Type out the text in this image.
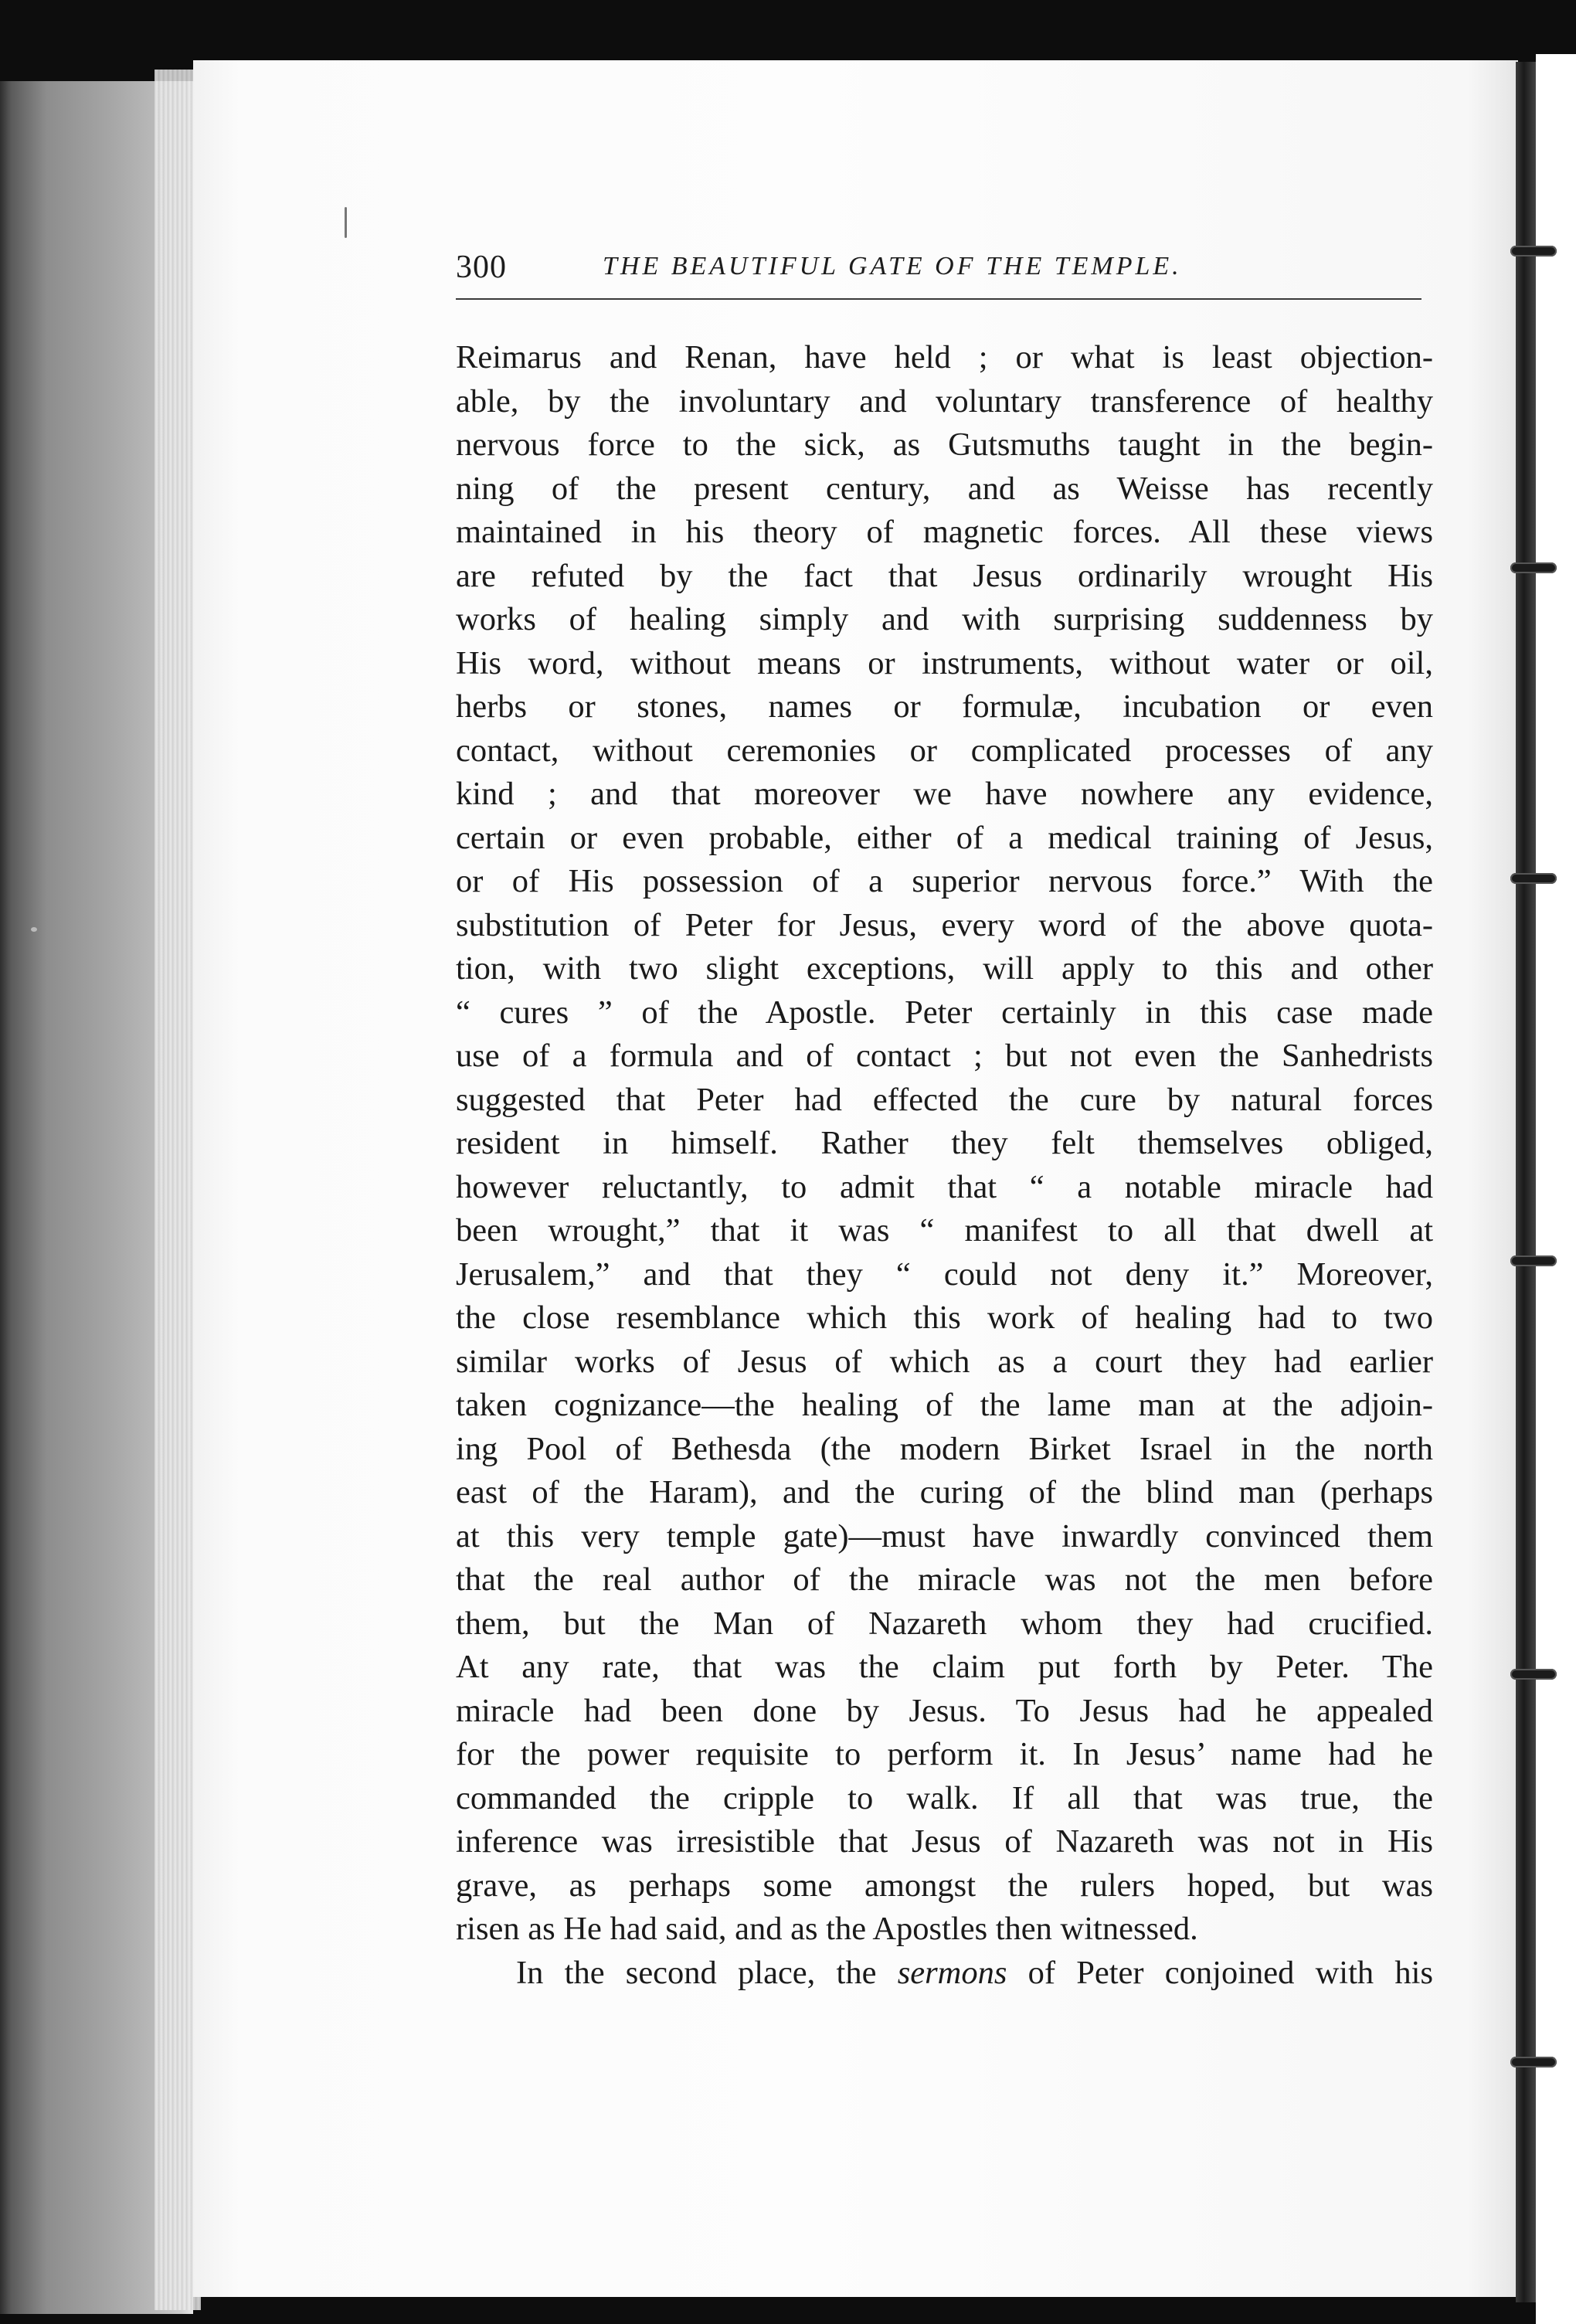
300	THE BEAUTIFUL GATE OF THE TEMPLE.
Reimarus and Renan, have held ; or what is least objection-
able, by the involuntary and voluntary transference of healthy
nervous force to the sick, as Gutsmuths taught in the begin-
ning of the present century, and as Weisse has recently
maintained in his theory of magnetic forces. All these views
are refuted by the fact that Jesus ordinarily wrought His
works of healing simply and with surprising suddenness by
His word, without means or instruments, without water or oil,
herbs or stones, names or formulæ, incubation or even
contact, without ceremonies or complicated processes of any
kind ; and that moreover we have nowhere any evidence,
certain or even probable, either of a medical training of Jesus,
or of His possession of a superior nervous force.” With the
substitution of Peter for Jesus, every word of the above quota-
tion, with two slight exceptions, will apply to this and other
“ cures ” of the Apostle. Peter certainly in this case made
use of a formula and of contact ; but not even the Sanhedrists
suggested that Peter had effected the cure by natural forces
resident in himself. Rather they felt themselves obliged,
however reluctantly, to admit that “ a notable miracle had
been wrought,” that it was “ manifest to all that dwell at
Jerusalem,” and that they “ could not deny it.” Moreover,
the close resemblance which this work of healing had to two
similar works of Jesus of which as a court they had earlier
taken cognizance—the healing of the lame man at the adjoin-
ing Pool of Bethesda (the modern Birket Israel in the north
east of the Haram), and the curing of the blind man (perhaps
at this very temple gate)—must have inwardly convinced them
that the real author of the miracle was not the men before
them, but the Man of Nazareth whom they had crucified.
At any rate, that was the claim put forth by Peter. The
miracle had been done by Jesus. To Jesus had he appealed
for the power requisite to perform it. In Jesus’ name had he
commanded the cripple to walk. If all that was true, the
inference was irresistible that Jesus of Nazareth was not in His
grave, as perhaps some amongst the rulers hoped, but was
risen as He had said, and as the Apostles then witnessed.
In the second place, the sermons of Peter conjoined with his
